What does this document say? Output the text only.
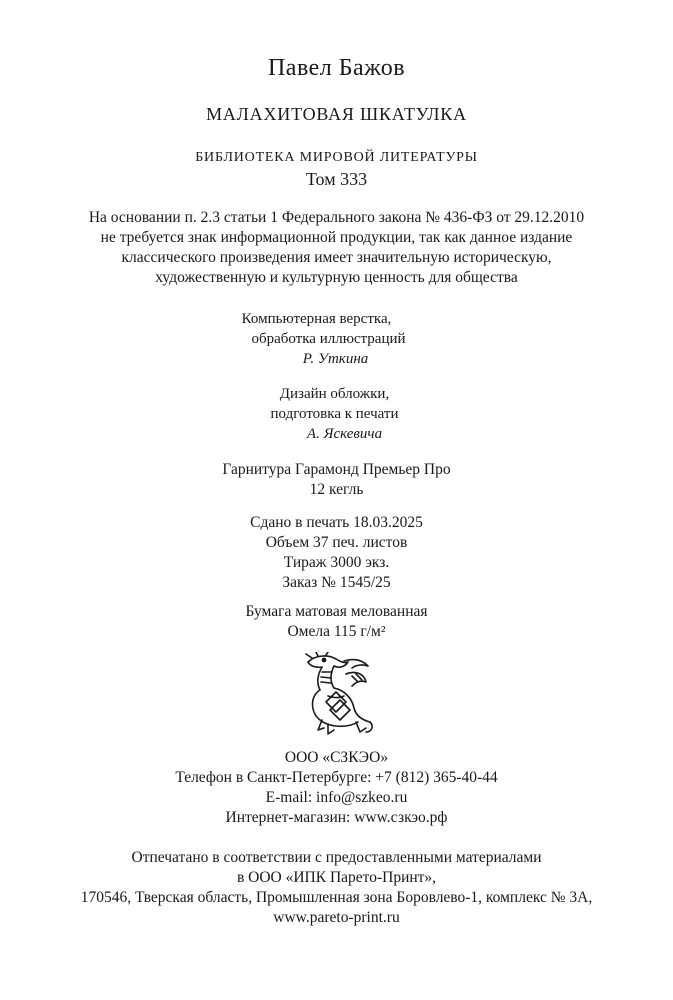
Павел Бажов
МАЛАХИТОВАЯ ШКАТУЛКА
БИБЛИОТЕКА МИРОВОЙ ЛИТЕРАТУРЫ
Том 333
На основании п. 2.3 статьи 1 Федерального закона № 436-ФЗ от 29.12.2010
не требуется знак информационной продукции, так как данное издание
классического произведения имеет значительную историческую,
художественную и культурную ценность для общества
Компьютерная верстка,
обработка иллюстраций
Р. Уткина
Дизайн обложки,
подготовка к печати
А. Яскевича
Гарнитура Гарамонд Премьер Про
12 кегль
Сдано в печать 18.03.2025
Объем 37 печ. листов
Тираж 3000 экз.
Заказ № 1545/25
Бумага матовая мелованная
Омела 115 г/м²
ООО «СЗКЭО»
Телефон в Санкт-Петербурге: +7 (812) 365-40-44
E-mail: info@szkeo.ru
Интернет-магазин: www.сзкэо.рф
Отпечатано в соответствии с предоставленными материалами
в ООО «ИПК Парето-Принт»,
170546, Тверская область, Промышленная зона Боровлево-1, комплекс № 3А,
www.pareto-print.ru
